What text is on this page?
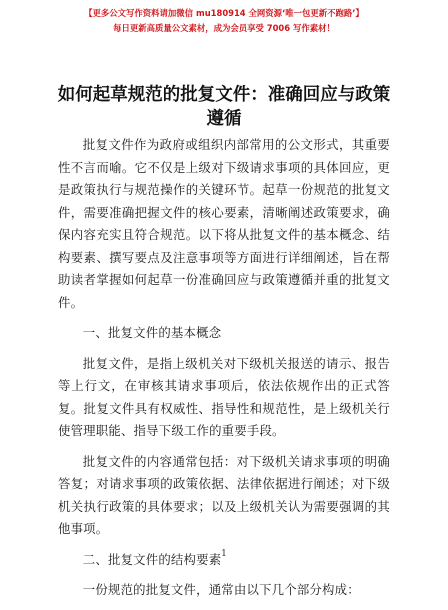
【更多公文写作资料请加微信 mu180914 全网资源‘唯一包更新不跑路’】
每日更新高质量公文素材，成为会员享受 7006 写作素材！
如何起草规范的批复文件：准确回应与政策遵循

批复文件作为政府或组织内部常用的公文形式，其重要性不言而喻。它不仅是上级对下级请求事项的具体回应，更是政策执行与规范操作的关键环节。起草一份规范的批复文件，需要准确把握文件的核心要素，清晰阐述政策要求，确保内容充实且符合规范。以下将从批复文件的基本概念、结构要素、撰写要点及注意事项等方面进行详细阐述，旨在帮助读者掌握如何起草一份准确回应与政策遵循并重的批复文件。

一、批复文件的基本概念

批复文件，是指上级机关对下级机关报送的请示、报告等上行文，在审核其请求事项后，依法依规作出的正式答复。批复文件具有权威性、指导性和规范性，是上级机关行使管理职能、指导下级工作的重要手段。

批复文件的内容通常包括：对下级机关请求事项的明确答复；对请求事项的政策依据、法律依据进行阐述；对下级机关执行政策的具体要求；以及上级机关认为需要强调的其他事项。

二、批复文件的结构要素

一份规范的批复文件，通常由以下几个部分构成：

1
